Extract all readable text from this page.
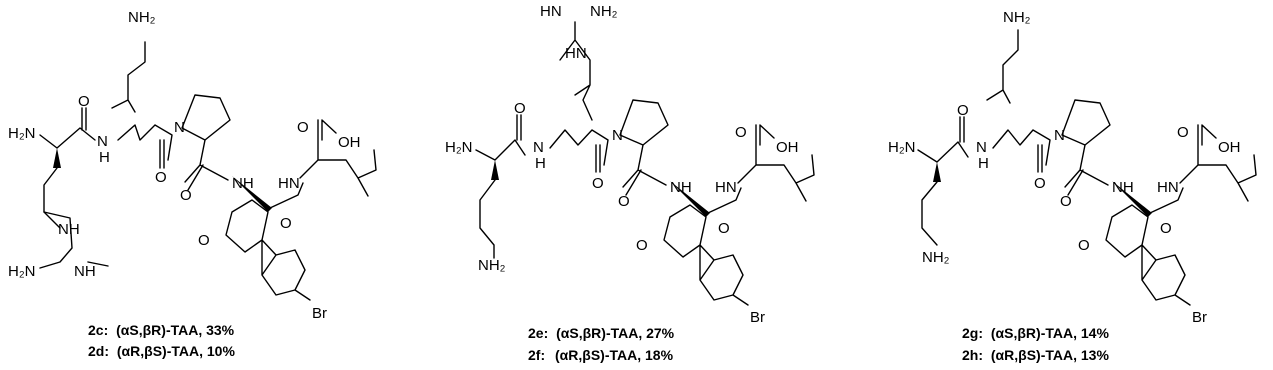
NH₂
H₂N
O
N
H
O
N
O
NH HN
O
OH
O
O
Br
NH
H₂N	NH
2c: (αS,βR)-TAA, 33%
2d: (αR,βS)-TAA, 10%
HN NH₂
HN
H₂N
O
N
H
O
N
O
NH HN
O
OH
O
O
Br
NH₂
2e: (αS,βR)-TAA, 27%
2f: (αR,βS)-TAA, 18%
NH₂
H₂N
O
N
H
O
N
O
NH HN
O
OH
O
O
Br
NH₂
2g: (αS,βR)-TAA, 14%
2h: (αR,βS)-TAA, 13%
